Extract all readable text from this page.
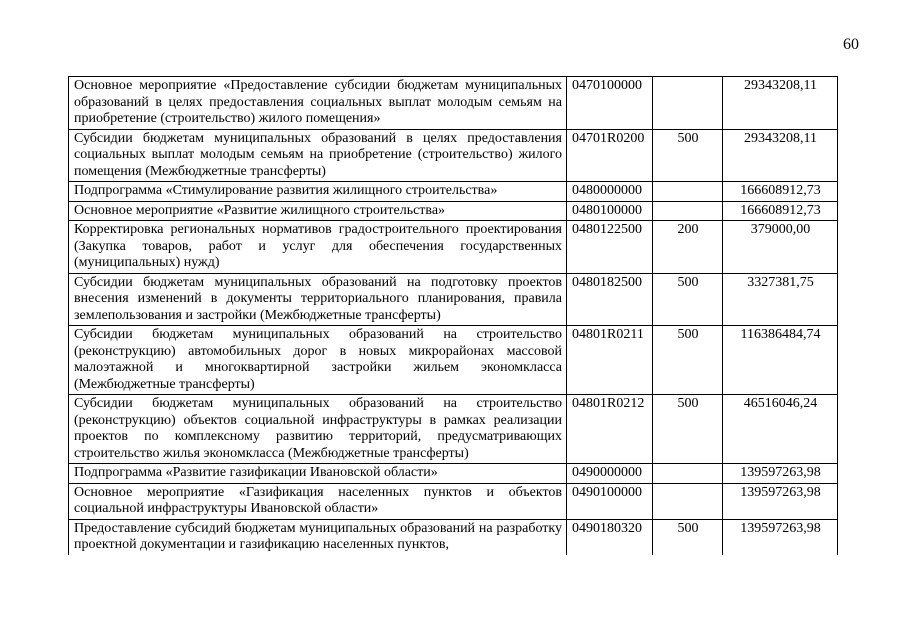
60
Основное мероприятие «Предоставление субсидии бюджетам муниципальных образований в целях предоставления социальных выплат молодым семьям на приобретение (строительство) жилого помещения»	0470100000		29343208,11
Субсидии бюджетам муниципальных образований в целях предоставления социальных выплат молодым семьям на приобретение (строительство) жилого помещения (Межбюджетные трансферты)	04701R0200	500	29343208,11
Подпрограмма «Стимулирование развития жилищного строительства»	0480000000		166608912,73
Основное мероприятие «Развитие жилищного строительства»	0480100000		166608912,73
Корректировка региональных нормативов градостроительного проектирования (Закупка товаров, работ и услуг для обеспечения государственных (муниципальных) нужд)	0480122500	200	379000,00
Субсидии бюджетам муниципальных образований на подготовку проектов внесения изменений в документы территориального планирования, правила землепользования и застройки (Межбюджетные трансферты)	0480182500	500	3327381,75
Субсидии бюджетам муниципальных образований на строительство (реконструкцию) автомобильных дорог в новых микрорайонах массовой малоэтажной и многоквартирной застройки жильем экономкласса (Межбюджетные трансферты)	04801R0211	500	116386484,74
Субсидии бюджетам муниципальных образований на строительство (реконструкцию) объектов социальной инфраструктуры в рамках реализации проектов по комплексному развитию территорий, предусматривающих строительство жилья экономкласса (Межбюджетные трансферты)	04801R0212	500	46516046,24
Подпрограмма «Развитие газификации Ивановской области»	0490000000		139597263,98
Основное мероприятие «Газификация населенных пунктов и объектов социальной инфраструктуры Ивановской области»	0490100000		139597263,98

Предоставление субсидий бюджетам муниципальных образований на разработку проектной документации и газификацию населенных пунктов,	0490180320	500	139597263,98
